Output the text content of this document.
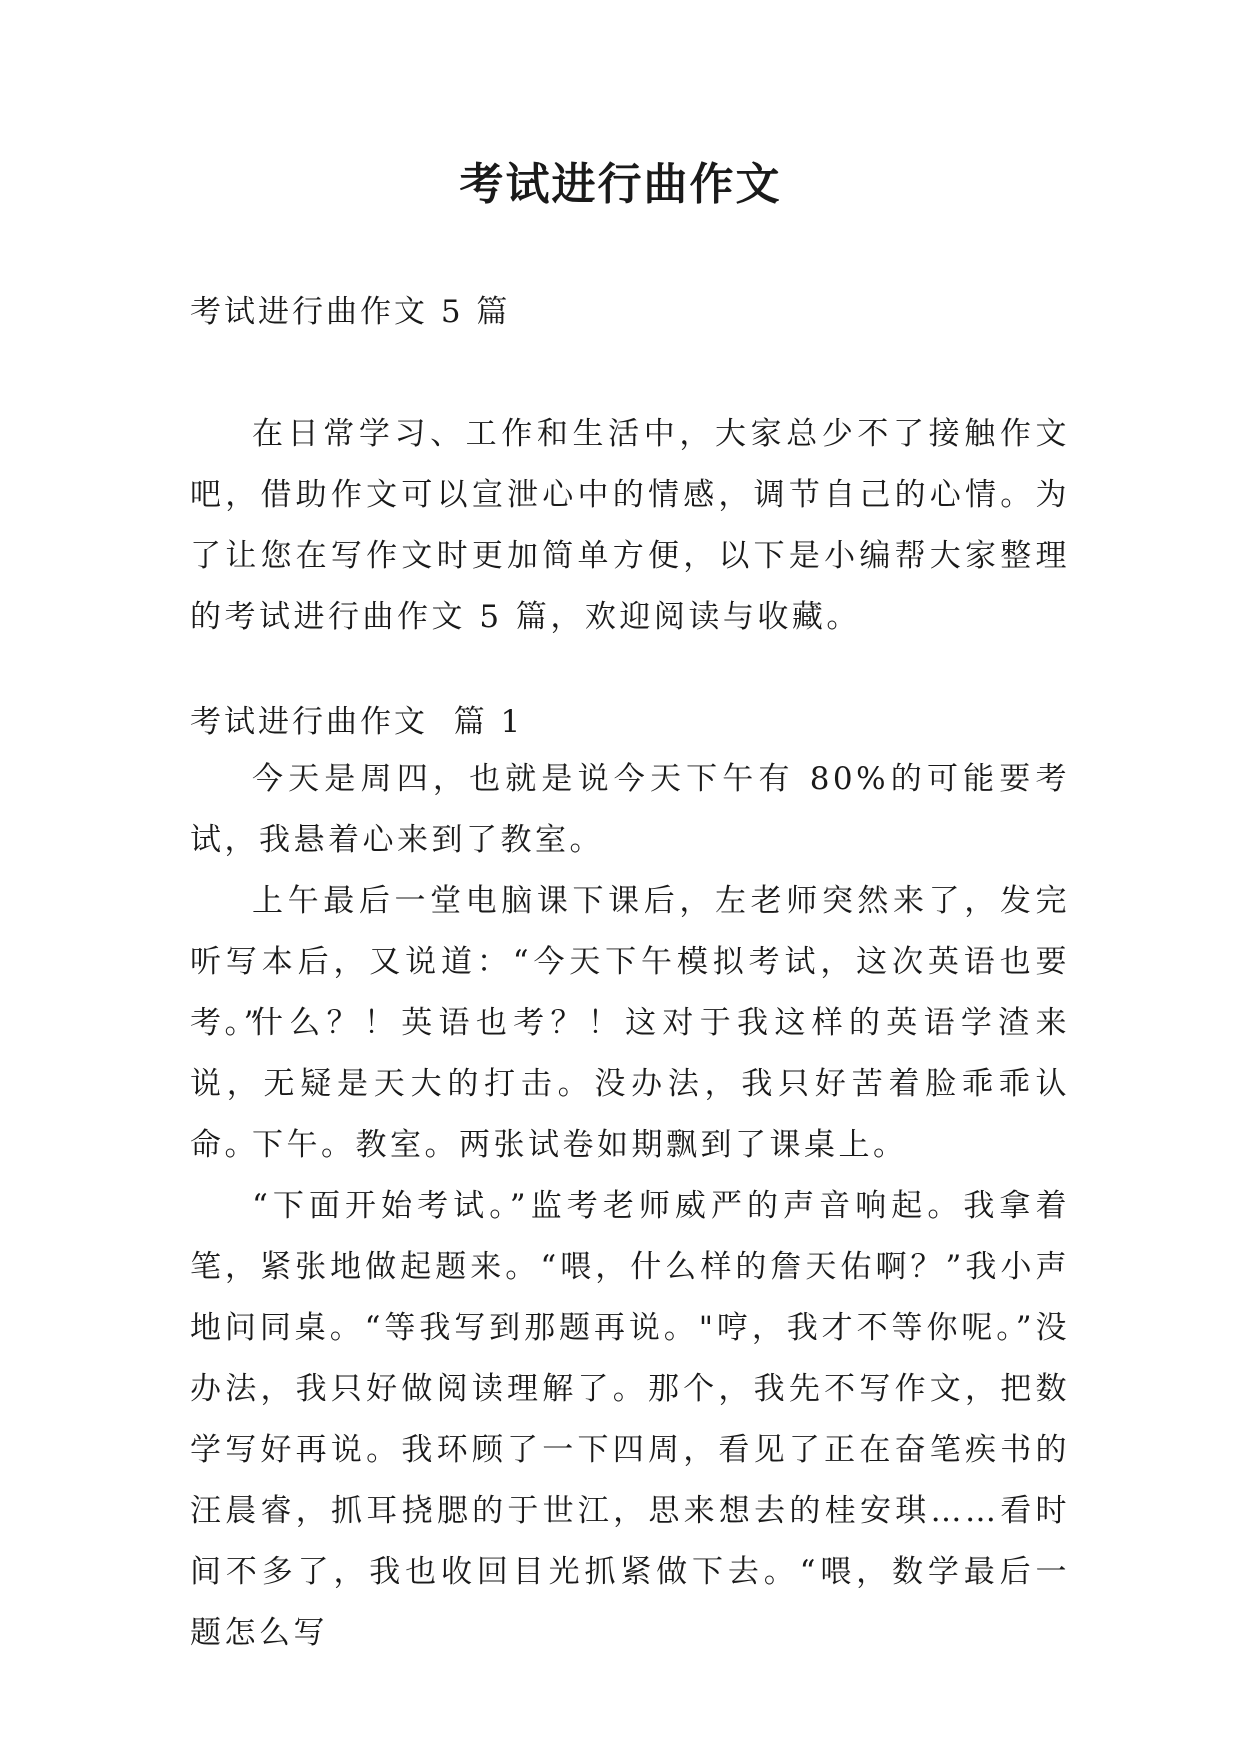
考试进行曲作文

考试进行曲作文 5 篇

在日常学习、工作和生活中，大家总少不了接触作文吧，借助作文可以宣泄心中的情感，调节自己的心情。为了让您在写作文时更加简单方便，以下是小编帮大家整理的考试进行曲作文 5 篇，欢迎阅读与收藏。

考试进行曲作文  篇 1

今天是周四，也就是说今天下午有 80%的可能要考试，我悬着心来到了教室。

上午最后一堂电脑课下课后，左老师突然来了，发完听写本后，又说道：“今天下午模拟考试，这次英语也要考。”

什么？！英语也考？！这对于我这样的英语学渣来说，无疑是天大的打击。没办法，我只好苦着脸乖乖认命。

下午。教室。两张试卷如期飘到了课桌上。

“下面开始考试。”监考老师威严的声音响起。我拿着笔，紧张地做起题来。“喂，什么样的詹天佑啊？”我小声地问同桌。“等我写到那题再说。"哼，我才不等你呢。”没办法，我只好做阅读理解了。那个，我先不写作文，把数学写好再说。我环顾了一下四周，看见了正在奋笔疾书的汪晨睿，抓耳挠腮的于世江，思来想去的桂安琪……看时间不多了，我也收回目光抓紧做下去。“喂，数学最后一题怎么写
